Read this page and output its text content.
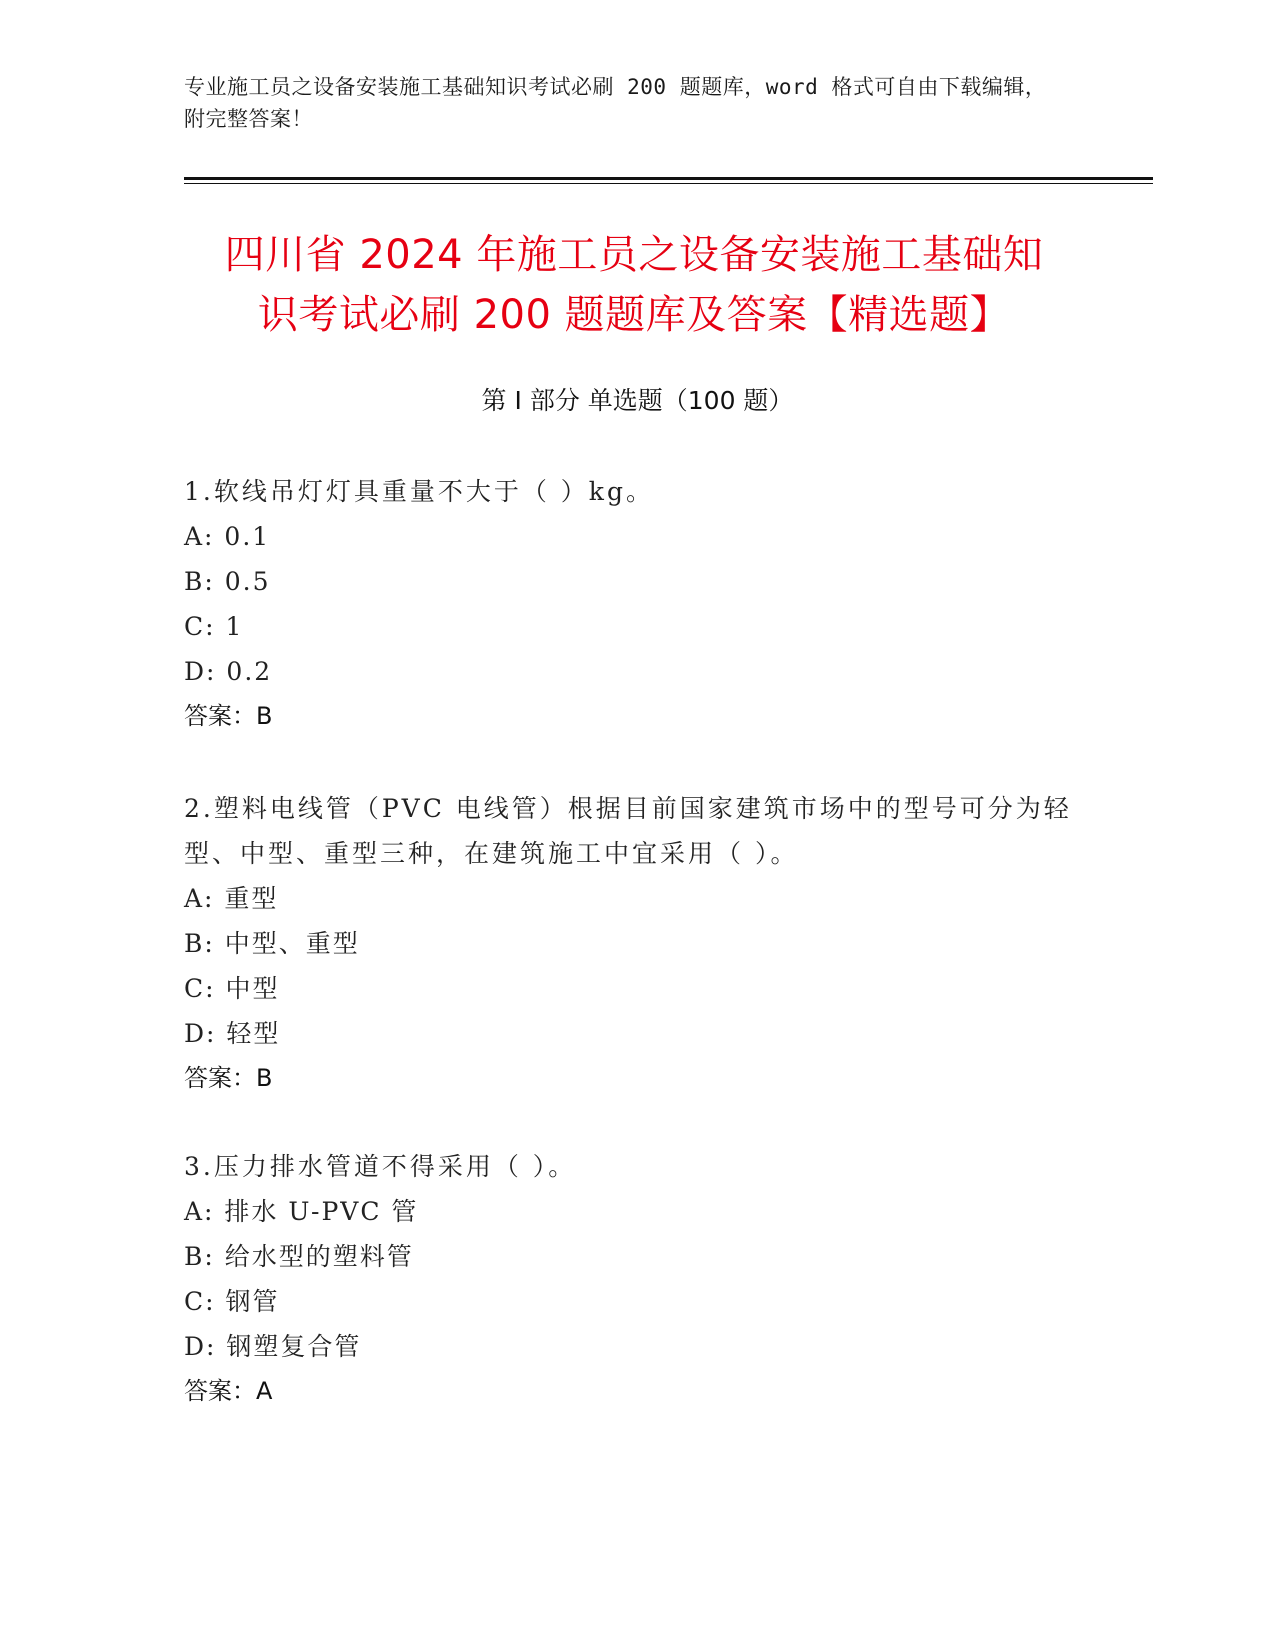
专业施工员之设备安装施工基础知识考试必刷 200 题题库，word 格式可自由下载编辑，附完整答案！

四川省 2024 年施工员之设备安装施工基础知
识考试必刷 200 题题库及答案【精选题】
第 I 部分 单选题（100 题）

1.软线吊灯灯具重量不大于（ ）kg。

A: 0.1

B: 0.5

C: 1

D: 0.2

答案：B

2.塑料电线管（PVC 电线管）根据目前国家建筑市场中的型号可分为轻型、中型、重型三种，在建筑施工中宜采用（ ）。

A: 重型

B: 中型、重型

C: 中型

D: 轻型

答案：B

3.压力排水管道不得采用（ ）。

A: 排水 U-PVC 管

B: 给水型的塑料管

C: 钢管

D: 钢塑复合管

答案：A
